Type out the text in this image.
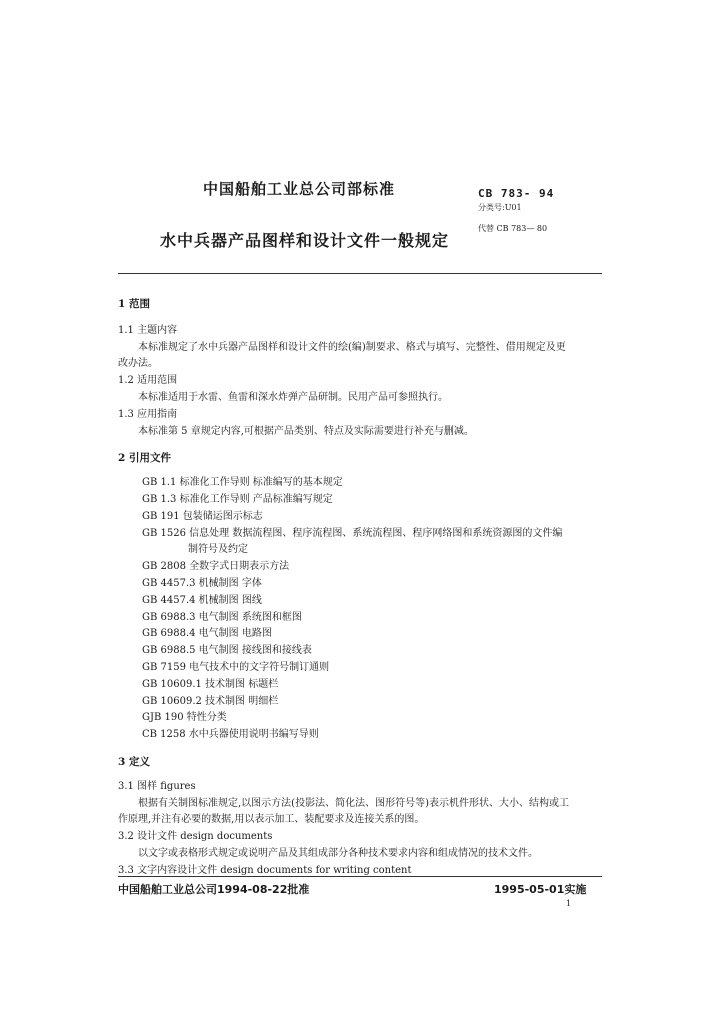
中国船舶工业总公司部标准
水中兵器产品图样和设计文件一般规定
CB 783- 94
分类号:U01
代替 CB 783— 80
1 范围
1.1 主题内容
本标准规定了水中兵器产品图样和设计文件的绘(编)制要求、格式与填写、完整性、借用规定及更
改办法。
1.2 适用范围
本标准适用于水雷、鱼雷和深水炸弹产品研制。民用产品可参照执行。
1.3 应用指南
本标准第 5 章规定内容,可根据产品类别、特点及实际需要进行补充与删减。
2 引用文件
GB 1.1 标准化工作导则 标准编写的基本规定
GB 1.3 标准化工作导则 产品标准编写规定
GB 191 包装储运图示标志
GB 1526 信息处理 数据流程图、程序流程图、系统流程图、程序网络图和系统资源图的文件编
制符号及约定
GB 2808 全数字式日期表示方法
GB 4457.3 机械制图 字体
GB 4457.4 机械制图 图线
GB 6988.3 电气制图 系统图和框图
GB 6988.4 电气制图 电路图
GB 6988.5 电气制图 接线图和接线表
GB 7159 电气技术中的文字符号制订通则
GB 10609.1 技术制图 标题栏
GB 10609.2 技术制图 明细栏
GJB 190 特性分类
CB 1258 水中兵器使用说明书编写导则
3 定义
3.1 图样 figures
根据有关制图标准规定,以图示方法(投影法、简化法、图形符号等)表示机件形状、大小、结构或工
作原理,并注有必要的数据,用以表示加工、装配要求及连接关系的图。
3.2 设计文件 design documents
以文字或表格形式规定或说明产品及其组成部分各种技术要求内容和组成情况的技术文件。
3.3 文字内容设计文件 design documents for writing content
中国船舶工业总公司1994-08-22批准	1995-05-01实施
1
